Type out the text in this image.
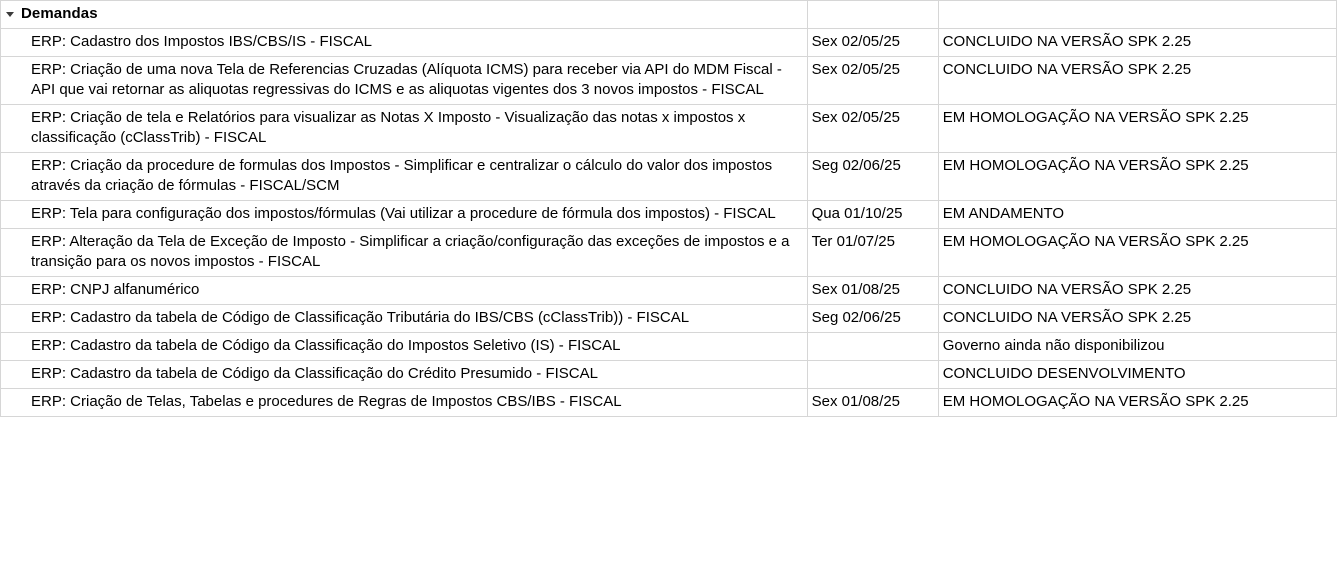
Demandas		

ERP: Cadastro dos Impostos IBS/CBS/IS - FISCAL	Sex 02/05/25	CONCLUIDO NA VERSÃO SPK 2.25
ERP: Criação de uma nova Tela de Referencias Cruzadas (Alíquota ICMS) para receber via API do MDM Fiscal - API que vai retornar as aliquotas regressivas do ICMS e as aliquotas vigentes dos 3 novos impostos - FISCAL	Sex 02/05/25	CONCLUIDO NA VERSÃO SPK 2.25
ERP: Criação de tela e Relatórios para visualizar as Notas X Imposto - Visualização das notas x impostos x classificação (cClassTrib) - FISCAL	Sex 02/05/25	EM HOMOLOGAÇÃO NA VERSÃO SPK 2.25
ERP: Criação da procedure de formulas dos Impostos - Simplificar e centralizar o cálculo do valor dos impostos através da criação de fórmulas - FISCAL/SCM	Seg 02/06/25	EM HOMOLOGAÇÃO NA VERSÃO SPK 2.25
ERP: Tela para configuração dos impostos/fórmulas (Vai utilizar a procedure de fórmula dos impostos) - FISCAL	Qua 01/10/25	EM ANDAMENTO
ERP: Alteração da Tela de Exceção de Imposto - Simplificar a criação/configuração das exceções de impostos e a transição para os novos impostos - FISCAL	Ter 01/07/25	EM HOMOLOGAÇÃO NA VERSÃO SPK 2.25
ERP: CNPJ alfanumérico	Sex 01/08/25	CONCLUIDO NA VERSÃO SPK 2.25
ERP: Cadastro da tabela de Código de Classificação Tributária do IBS/CBS (cClassTrib)) - FISCAL	Seg 02/06/25	CONCLUIDO NA VERSÃO SPK 2.25
ERP: Cadastro da tabela de Código da Classificação do Impostos Seletivo (IS) - FISCAL		Governo ainda não disponibilizou
ERP: Cadastro da tabela de Código da Classificação do Crédito Presumido - FISCAL		CONCLUIDO DESENVOLVIMENTO
ERP: Criação de Telas, Tabelas e procedures de Regras de Impostos CBS/IBS - FISCAL	Sex 01/08/25	EM HOMOLOGAÇÃO NA VERSÃO SPK 2.25
